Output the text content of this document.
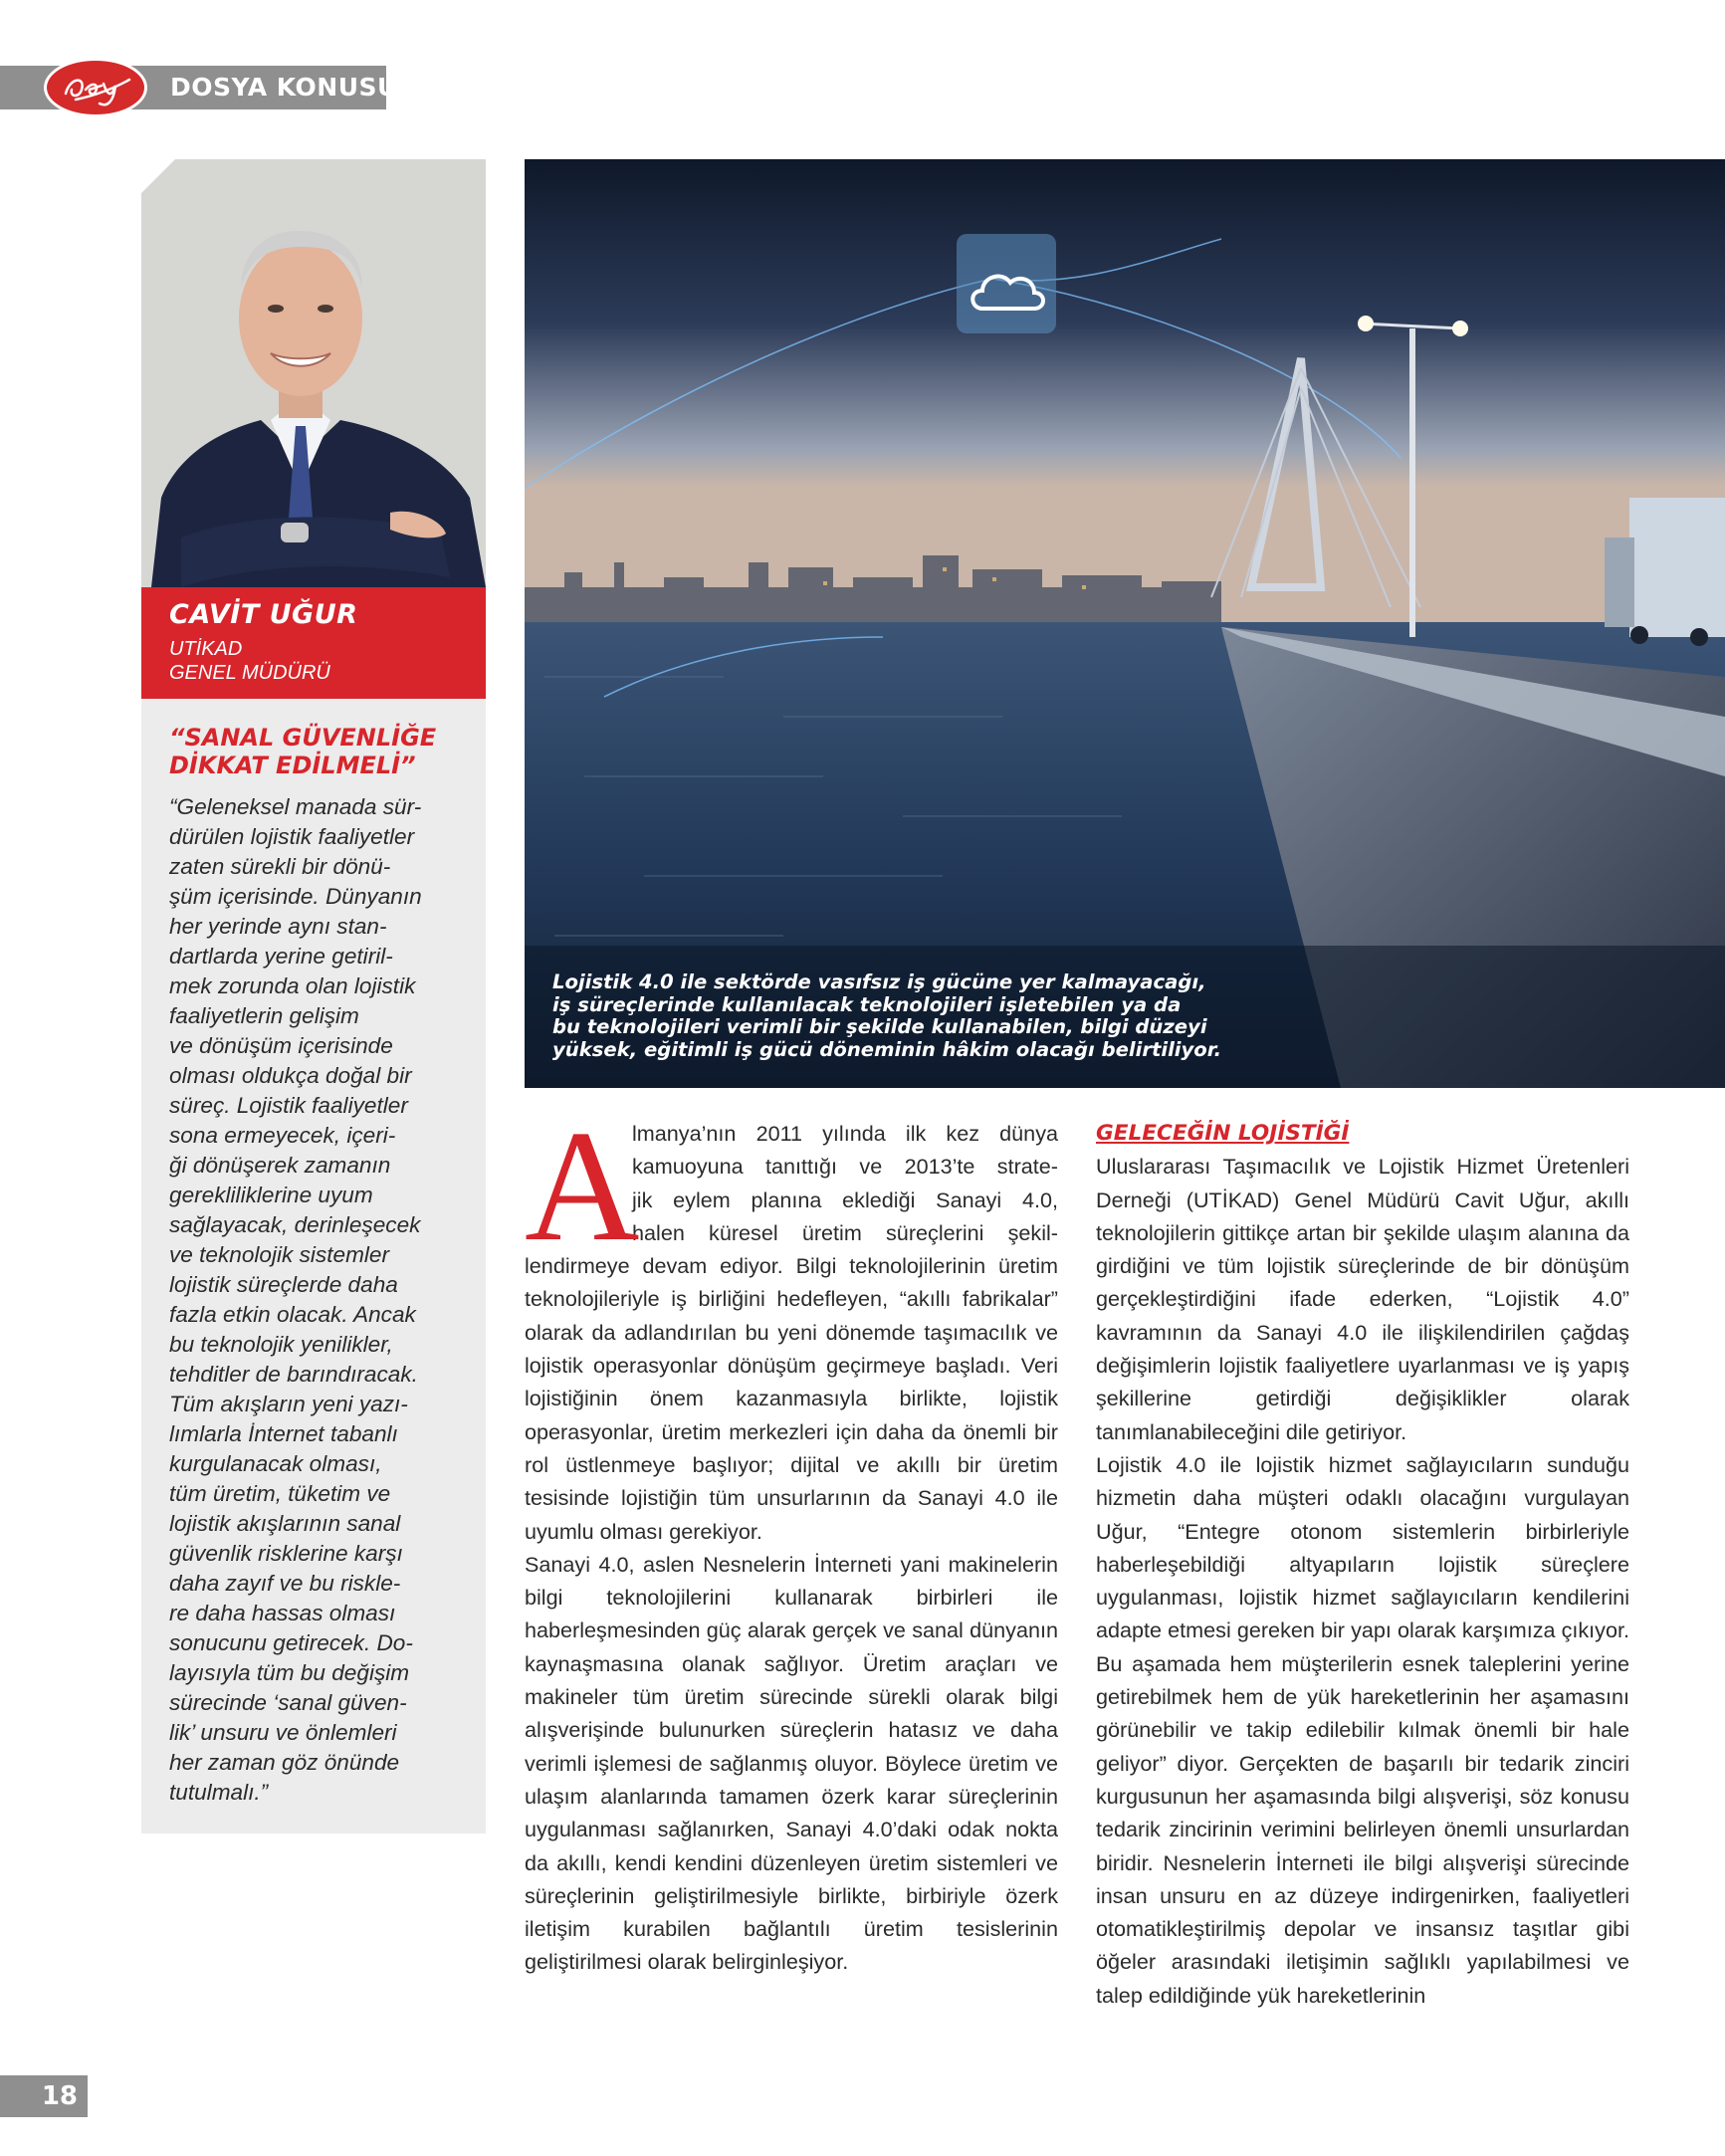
DOSYA KONUSU
CAVİT UĞUR
UTİKAD
GENEL MÜDÜRÜ
“SANAL GÜVENLİĞE DİKKAT EDİLMELİ”
“Geleneksel manada sür-
dürülen lojistik faaliyetler
zaten sürekli bir dönü-
şüm içerisinde. Dünyanın
her yerinde aynı stan-
dartlarda yerine getiril-
mek zorunda olan lojistik
faaliyetlerin gelişim
ve dönüşüm içerisinde
olması oldukça doğal bir
süreç. Lojistik faaliyetler
sona ermeyecek, içeri-
ği dönüşerek zamanın
gerekliliklerine uyum
sağlayacak, derinleşecek
ve teknolojik sistemler
lojistik süreçlerde daha
fazla etkin olacak. Ancak
bu teknolojik yenilikler,
tehditler de barındıracak.
Tüm akışların yeni yazı-
lımlarla İnternet tabanlı
kurgulanacak olması,
tüm üretim, tüketim ve
lojistik akışlarının sanal
güvenlik risklerine karşı
daha zayıf ve bu riskle-
re daha hassas olması
sonucunu getirecek. Do-
layısıyla tüm bu değişim
sürecinde ‘sanal güven-
lik’ unsuru ve önlemleri
her zaman göz önünde
tutulmalı.”
Lojistik 4.0 ile sektörde vasıfsız iş gücüne yer kalmayacağı,
iş süreçlerinde kullanılacak teknolojileri işletebilen ya da
bu teknolojileri verimli bir şekilde kullanabilen, bilgi düzeyi
yüksek, eğitimli iş gücü döneminin hâkim olacağı belirtiliyor.
A
lmanya’nın 2011 yılında ilk kez dünya
kamuoyuna tanıttığı ve 2013’te strate-
jik eylem planına eklediği Sanayi 4.0,
halen küresel üretim süreçlerini şekil-
lendirmeye devam ediyor. Bilgi teknolojilerinin üretim teknolojileriyle iş birliğini hedefleyen, “akıllı fabrikalar” olarak da adlandırılan bu yeni dönemde taşımacılık ve lojistik operasyonlar dönüşüm geçirmeye başladı. Veri lojistiğinin önem kazanmasıyla birlikte, lojistik operasyonlar, üretim merkezleri için daha da önemli bir rol üstlenmeye başlıyor; dijital ve akıllı bir üretim tesisinde lojistiğin tüm unsurlarının da Sanayi 4.0 ile uyumlu olması gerekiyor.

Sanayi 4.0, aslen Nesnelerin İnterneti yani makinelerin bilgi teknolojilerini kullanarak birbirleri ile haberleşmesinden güç alarak gerçek ve sanal dünyanın kaynaşmasına olanak sağlıyor. Üretim araçları ve makineler tüm üretim sürecinde sürekli olarak bilgi alışverişinde bulunurken süreçlerin hatasız ve daha verimli işlemesi de sağlanmış oluyor. Böylece üretim ve ulaşım alanlarında tamamen özerk karar süreçlerinin uygulanması sağlanırken, Sanayi 4.0’daki odak nokta da akıllı, kendi kendini düzenleyen üretim sistemleri ve süreçlerinin geliştirilmesiyle birlikte, birbiriyle özerk iletişim kurabilen bağlantılı üretim tesislerinin geliştirilmesi olarak belirginleşiyor.

GELECEĞİN LOJİSTİĞİ

Uluslararası Taşımacılık ve Lojistik Hizmet Üretenleri Derneği (UTİKAD) Genel Müdürü Cavit Uğur, akıllı teknolojilerin gittikçe artan bir şekilde ulaşım alanına da girdiğini ve tüm lojistik süreçlerinde de bir dönüşüm gerçekleştirdiğini ifade ederken, “Lojistik 4.0” kavramının da Sanayi 4.0 ile ilişkilendirilen çağdaş değişimlerin lojistik faaliyetlere uyarlanması ve iş yapış şekillerine getirdiği değişiklikler olarak tanımlanabileceğini dile getiriyor.

Lojistik 4.0 ile lojistik hizmet sağlayıcıların sunduğu hizmetin daha müşteri odaklı olacağını vurgulayan Uğur, “Entegre otonom sistemlerin birbirleriyle haberleşebildiği altyapıların lojistik süreçlere uygulanması, lojistik hizmet sağlayıcıların kendilerini adapte etmesi gereken bir yapı olarak karşımıza çıkıyor. Bu aşamada hem müşterilerin esnek taleplerini yerine getirebilmek hem de yük hareketlerinin her aşamasını görünebilir ve takip edilebilir kılmak önemli bir hale geliyor” diyor. Gerçekten de başarılı bir tedarik zinciri kurgusunun her aşamasında bilgi alışverişi, söz konusu tedarik zincirinin verimini belirleyen önemli unsurlardan biridir. Nesnelerin İnterneti ile bilgi alışverişi sürecinde insan unsuru en az düzeye indirgenirken, faaliyetleri otomatikleştirilmiş depolar ve insansız taşıtlar gibi öğeler arasındaki iletişimin sağlıklı yapılabilmesi ve talep edildiğinde yük hareketlerinin

18
